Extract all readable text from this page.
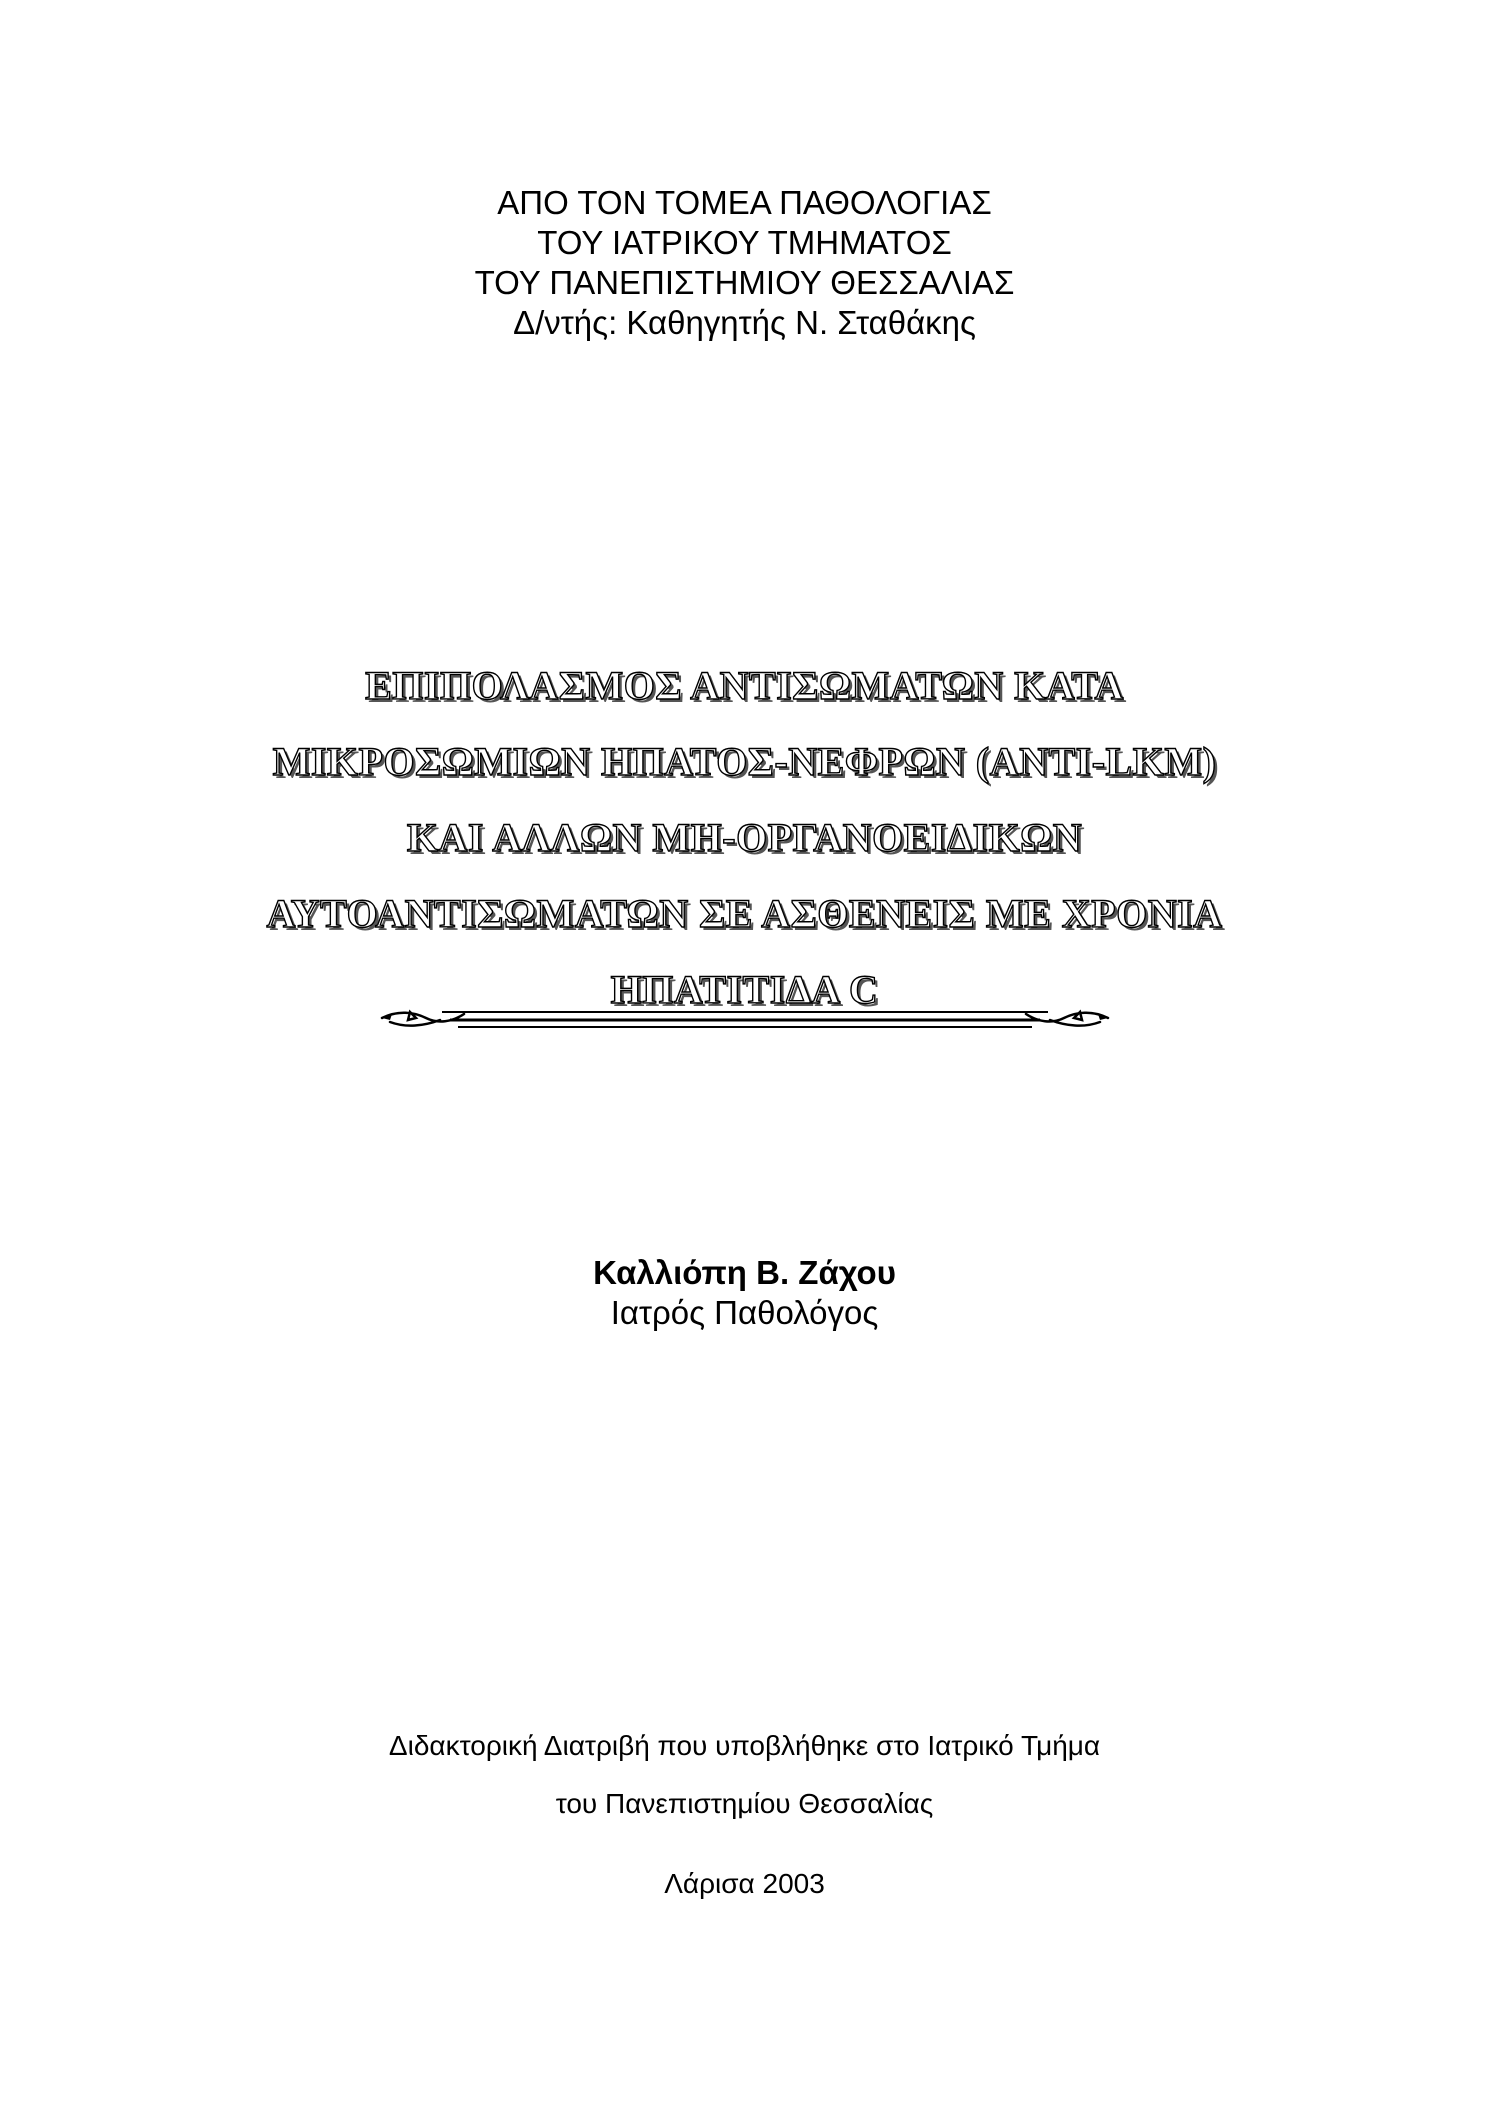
ΑΠΟ ΤΟΝ ΤΟΜΕΑ ΠΑΘΟΛΟΓΙΑΣ
ΤΟΥ ΙΑΤΡΙΚΟΥ ΤΜΗΜΑΤΟΣ
ΤΟΥ ΠΑΝΕΠΙΣΤΗΜΙΟΥ ΘΕΣΣΑΛΙΑΣ
Δ/ντής: Καθηγητής Ν. Σταθάκης
ΕΠΙΠΟΛΑΣΜΟΣ ΑΝΤΙΣΩΜΑΤΩΝ ΚΑΤΑ
ΜΙΚΡΟΣΩΜΙΩΝ ΗΠΑΤΟΣ-ΝΕΦΡΩΝ (ANTI-LKM)
ΚΑΙ ΑΛΛΩΝ ΜΗ-ΟΡΓΑΝΟΕΙΔΙΚΩΝ
ΑΥΤΟΑΝΤΙΣΩΜΑΤΩΝ ΣΕ ΑΣΘΕΝΕΙΣ ΜΕ ΧΡΟΝΙΑ
ΗΠΑΤΙΤΙΔΑ C
Καλλιόπη Β. Ζάχου
Ιατρός Παθολόγος
Διδακτορική Διατριβή που υποβλήθηκε στο Ιατρικό Τμήμα
του Πανεπιστημίου Θεσσαλίας
Λάρισα 2003
